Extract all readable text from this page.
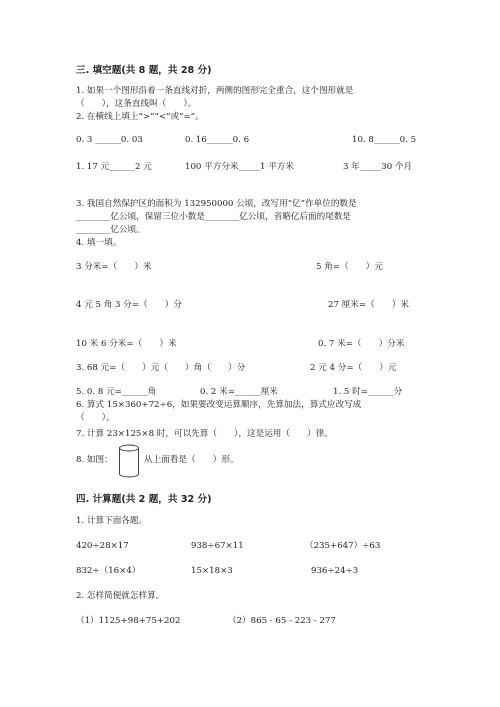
三. 填空题(共 8 题，共 28 分)
1. 如果一个图形沿着一条直线对折，两侧的图形完全重合，这个图形就是
（　　），这条直线叫（　　）。
2. 在横线上填上“>”“<”或“=”。
0. 3 ______0. 03	0. 16______0. 6	10. 8______0. 5
1. 17 元______2 元	100 平方分米_____1 平方米	3 年_____30 个月
3. 我国自然保护区的面积为 132950000 公顷，改写用“亿”作单位的数是
________亿公顷，保留三位小数是________亿公顷，省略亿后面的尾数是
________亿公顷。
4. 填一填。
3 分米=（　　）米	5 角=（　　）元
4 元 5 角 3 分=（　　）分	27 厘米=（　　）米
10 米 6 分米=（　　）米	0. 7 米=（　　）分米
3. 68 元=（　　）元（　　）角（　　）分	2 元 4 分=（　　）元
5. 0. 8 元=______角	0. 2 米=______厘米	1. 5 时=______分
6. 算式 15×360+72÷6，如果要改变运算顺序，先算加法，算式应改写成
（　　）。
7. 计算 23×125×8 时，可以先算（　　），这是运用（　　）律。
8. 如图：	从上面看是（　　）形。
四. 计算题(共 2 题，共 32 分)
1. 计算下面各题。
420÷28×17	938÷67×11	（235+647）÷63
832÷（16×4）	15×18×3	936÷24÷3
2. 怎样简便就怎样算。
（1）1125+98+75+202	（2）865 - 65 - 223 - 277
